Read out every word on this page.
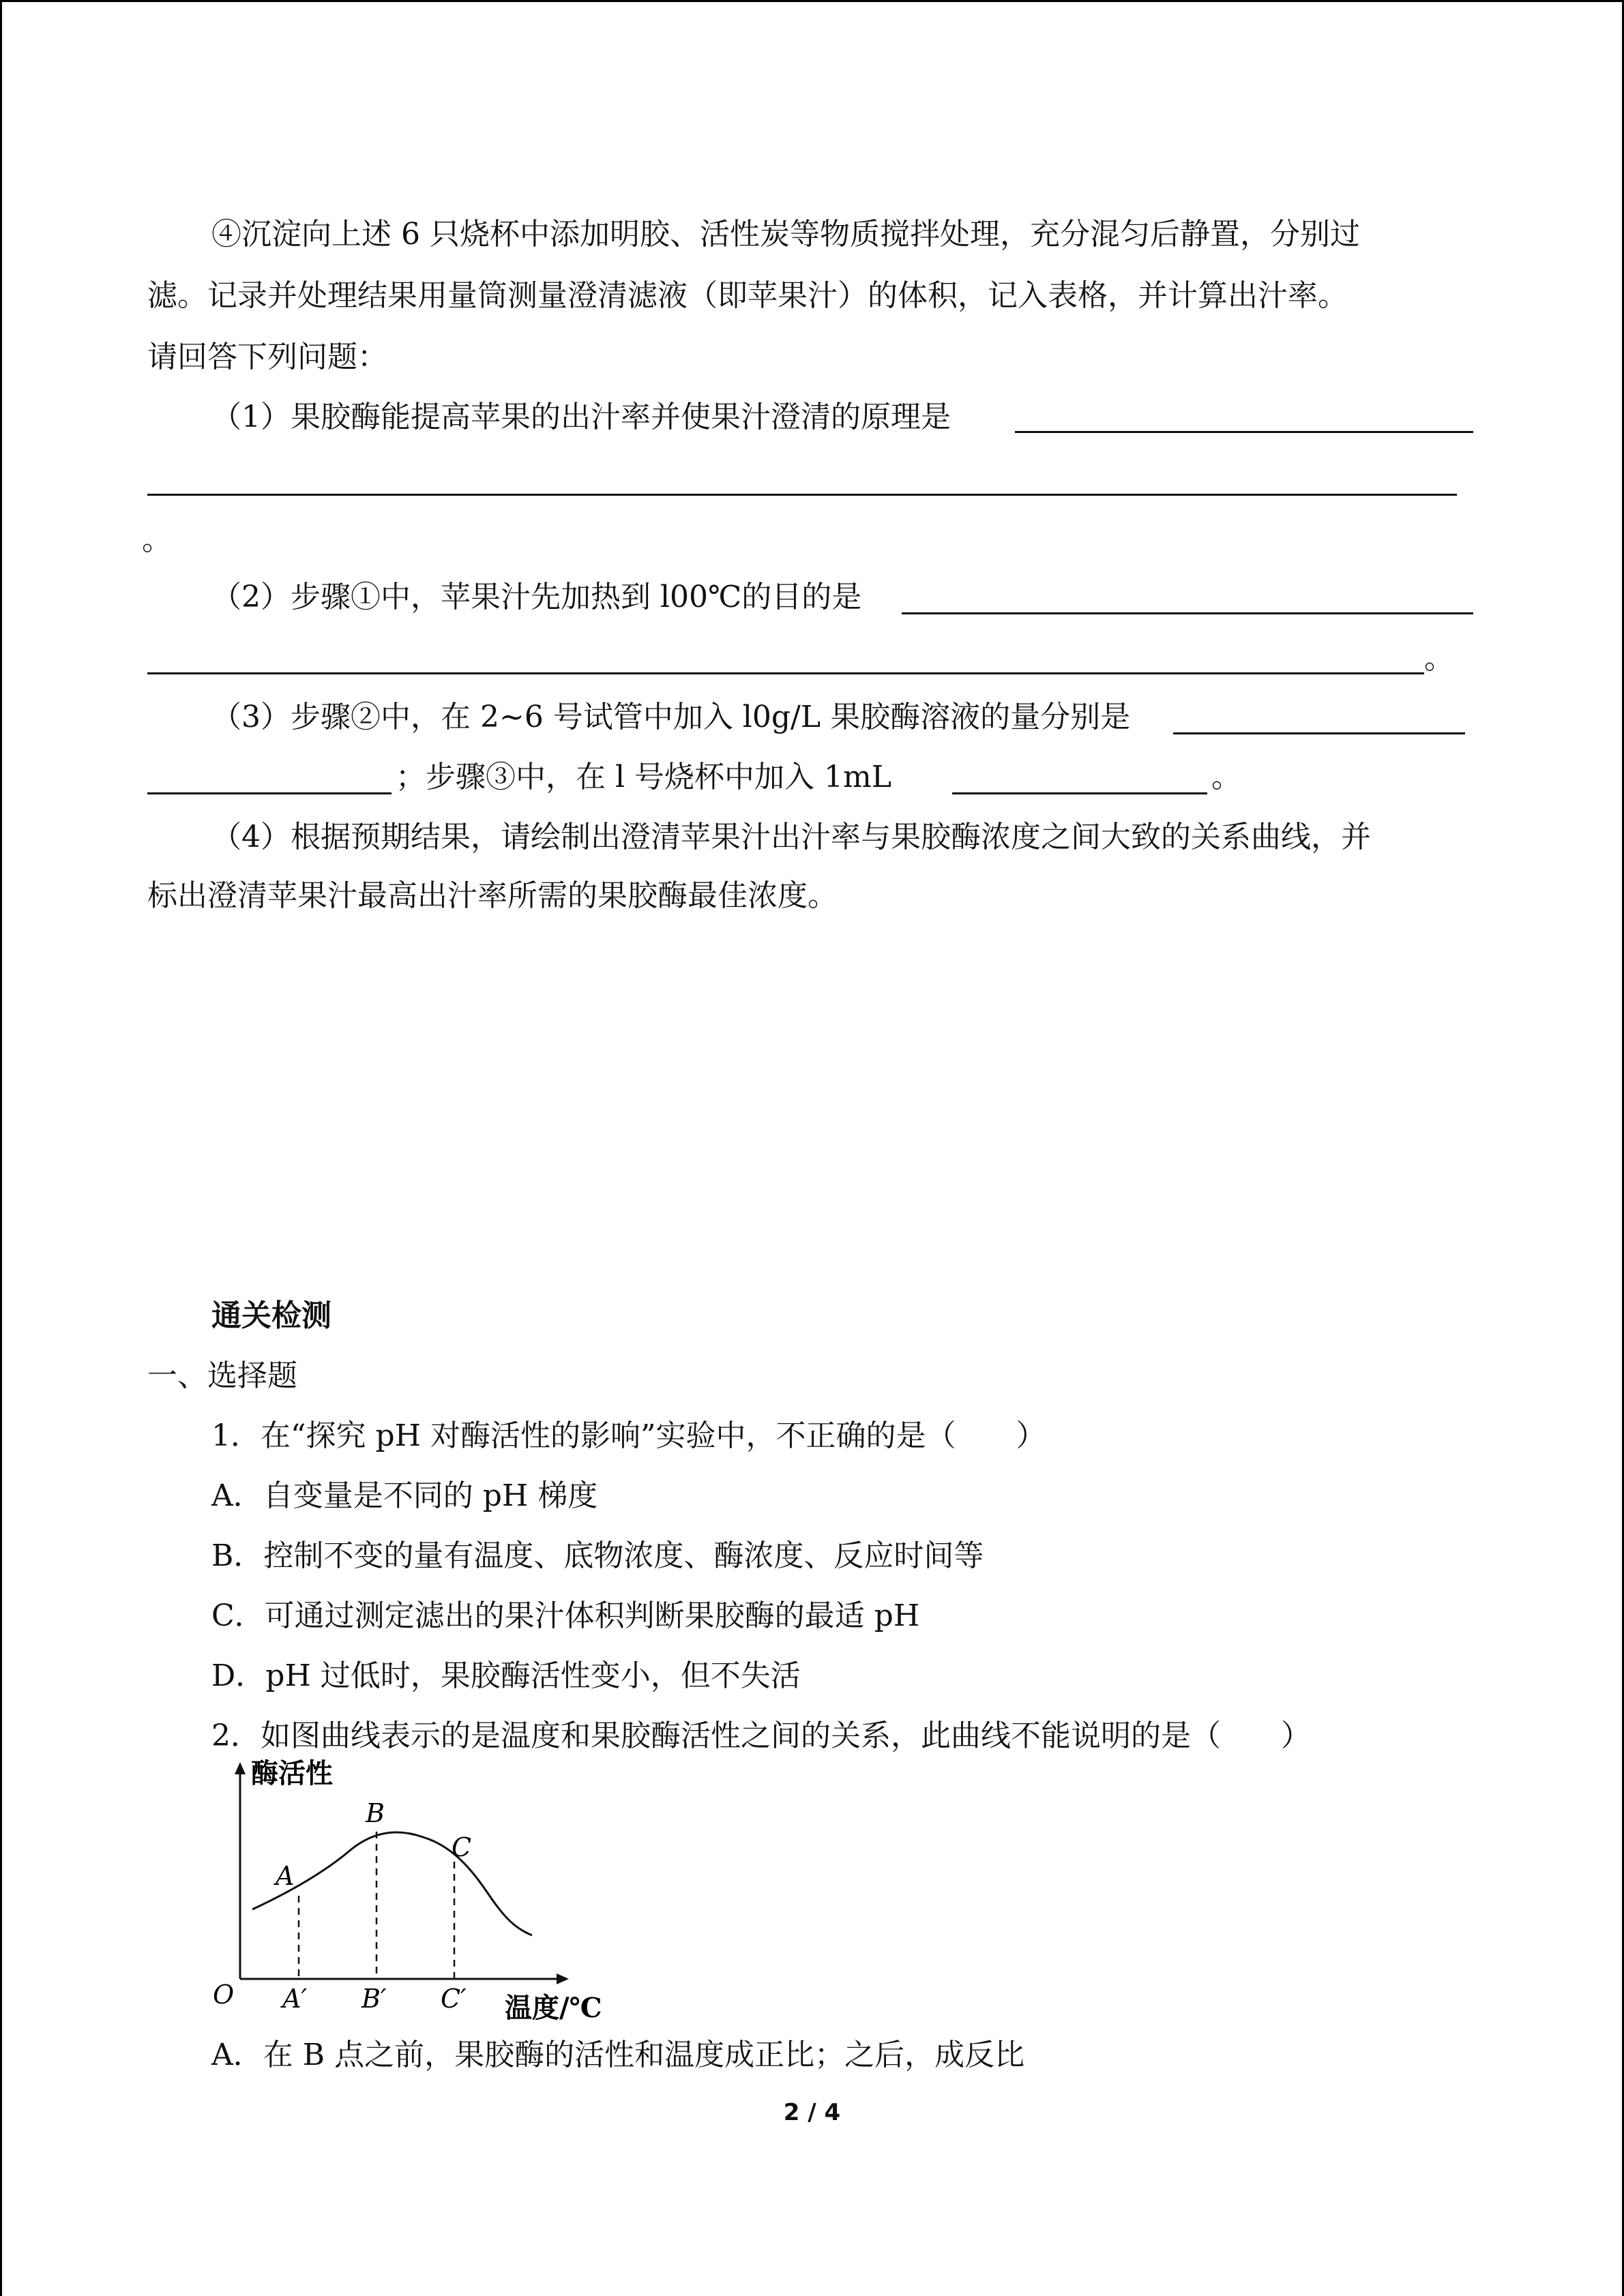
④沉淀向上述 6 只烧杯中添加明胶、活性炭等物质搅拌处理，充分混匀后静置，分别过
滤。记录并处理结果用量筒测量澄清滤液（即苹果汁）的体积，记入表格，并计算出汁率。
请回答下列问题：
（1）果胶酶能提高苹果的出汁率并使果汁澄清的原理是
。
（2）步骤①中，苹果汁先加热到 l00℃的目的是
。
（3）步骤②中，在 2~6 号试管中加入 l0g/L 果胶酶溶液的量分别是
；步骤③中，在 l 号烧杯中加入 1mL	。
（4）根据预期结果，请绘制出澄清苹果汁出汁率与果胶酶浓度之间大致的关系曲线，并
标出澄清苹果汁最高出汁率所需的果胶酶最佳浓度。
通关检测
一、选择题
1．在“探究 pH 对酶活性的影响”实验中，不正确的是（　　）
A．自变量是不同的 pH 梯度
B．控制不变的量有温度、底物浓度、酶浓度、反应时间等
C．可通过测定滤出的果汁体积判断果胶酶的最适 pH
D．pH 过低时，果胶酶活性变小，但不失活
2．如图曲线表示的是温度和果胶酶活性之间的关系，此曲线不能说明的是（　　）
酶活性
温度/℃
O
A
B
C
A′ B′ C′
A．在 B 点之前，果胶酶的活性和温度成正比；之后，成反比
2 / 4
